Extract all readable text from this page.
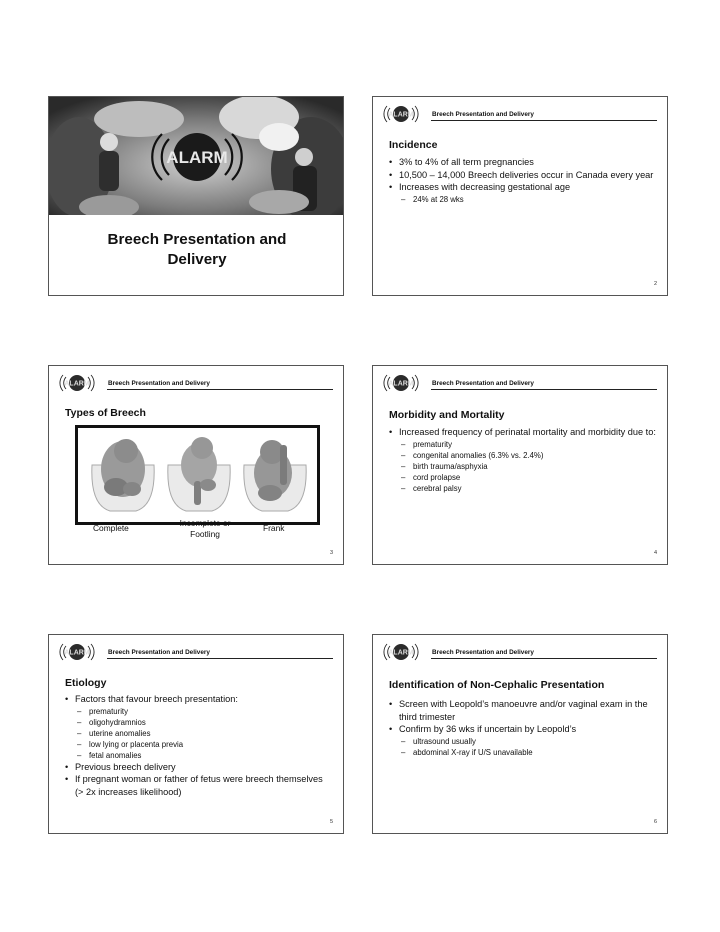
ALARM
Breech Presentation and
Delivery
ALARM	Breech Presentation and Delivery
Incidence
• 3% to 4% of all term pregnancies
• 10,500 – 14,000 Breech deliveries occur in Canada every year
• Increases with decreasing gestational age
– 24% at 28 wks
2
ALARM	Breech Presentation and Delivery
Types of Breech
Complete	Incomplete or Footling
Frank
3
ALARM	Breech Presentation and Delivery
Morbidity and Mortality
• Increased frequency of perinatal mortality and morbidity due to:
– prematurity
– congenital anomalies (6.3% vs. 2.4%)
– birth trauma/asphyxia
– cord prolapse
– cerebral palsy
4
ALARM	Breech Presentation and Delivery
Etiology
• Factors that favour breech presentation:
– prematurity
– oligohydramnios
– uterine anomalies
– low lying or placenta previa
– fetal anomalies
• Previous breech delivery
• If pregnant woman or father of fetus were breech themselves (> 2x increases likelihood)
5
ALARM	Breech Presentation and Delivery
Identification of Non-Cephalic Presentation
• Screen with Leopold’s manoeuvre and/or vaginal exam in the third trimester
• Confirm by 36 wks if uncertain by Leopold’s
– ultrasound usually
– abdominal X-ray if U/S unavailable
6
